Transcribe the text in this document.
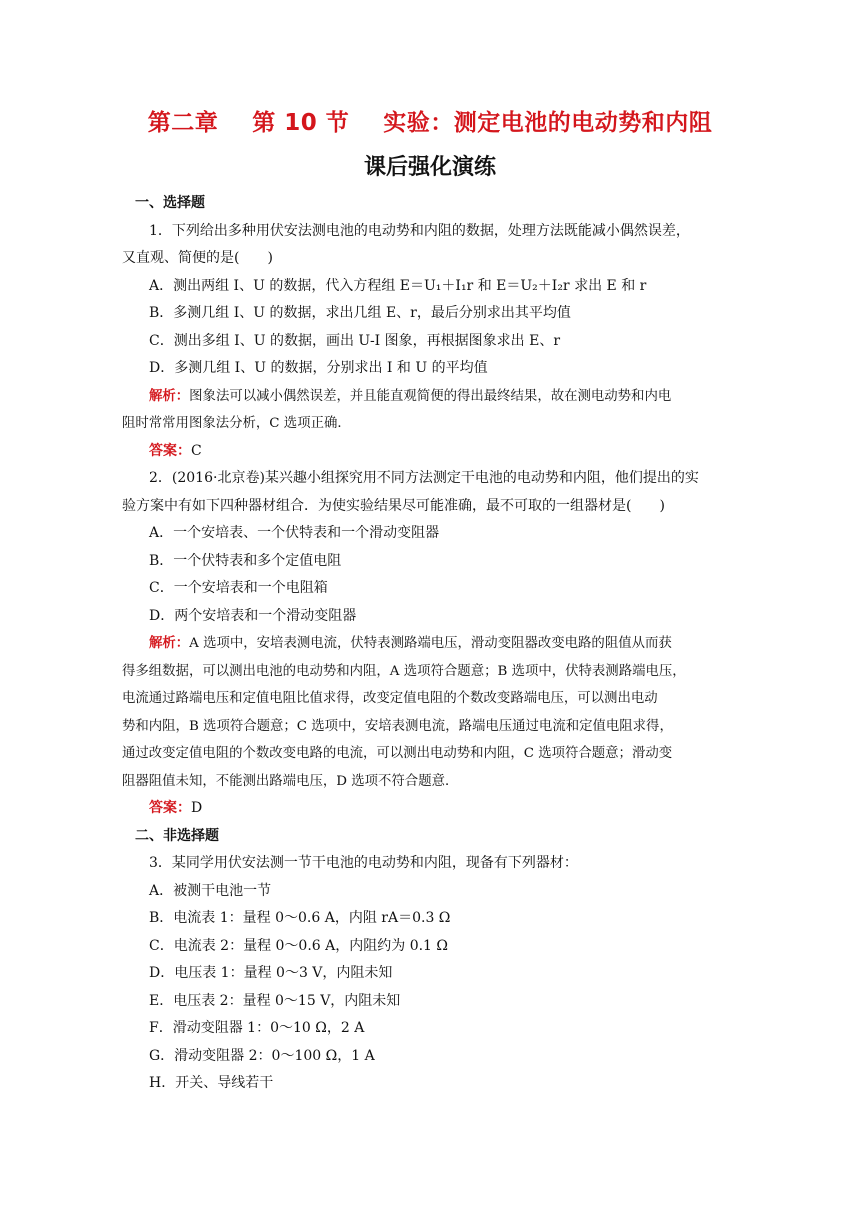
第二章    第 10 节    实验：测定电池的电动势和内阻
课后强化演练
一、选择题
1．下列给出多种用伏安法测电池的电动势和内阻的数据，处理方法既能减小偶然误差，
又直观、简便的是(　　)
A．测出两组 I、U 的数据，代入方程组 E＝U₁＋I₁r 和 E＝U₂＋I₂r 求出 E 和 r
B．多测几组 I、U 的数据，求出几组 E、r，最后分别求出其平均值
C．测出多组 I、U 的数据，画出 U-I 图象，再根据图象求出 E、r
D．多测几组 I、U 的数据，分别求出 I 和 U 的平均值
解析：图象法可以减小偶然误差，并且能直观简便的得出最终结果，故在测电动势和内电
阻时常常用图象法分析，C 选项正确．
答案：C
2．(2016·北京卷)某兴趣小组探究用不同方法测定干电池的电动势和内阻，他们提出的实
验方案中有如下四种器材组合．为使实验结果尽可能准确，最不可取的一组器材是(　　)
A．一个安培表、一个伏特表和一个滑动变阻器
B．一个伏特表和多个定值电阻
C．一个安培表和一个电阻箱
D．两个安培表和一个滑动变阻器
解析：A 选项中，安培表测电流，伏特表测路端电压，滑动变阻器改变电路的阻值从而获
得多组数据，可以测出电池的电动势和内阻，A 选项符合题意；B 选项中，伏特表测路端电压，
电流通过路端电压和定值电阻比值求得，改变定值电阻的个数改变路端电压，可以测出电动
势和内阻，B 选项符合题意；C 选项中，安培表测电流，路端电压通过电流和定值电阻求得，
通过改变定值电阻的个数改变电路的电流，可以测出电动势和内阻，C 选项符合题意；滑动变
阻器阻值未知，不能测出路端电压，D 选项不符合题意．
答案：D
二、非选择题
3．某同学用伏安法测一节干电池的电动势和内阻，现备有下列器材：
A．被测干电池一节
B．电流表 1：量程 0～0.6 A，内阻 rA＝0.3 Ω
C．电流表 2：量程 0～0.6 A，内阻约为 0.1 Ω
D．电压表 1：量程 0～3 V，内阻未知
E．电压表 2：量程 0～15 V，内阻未知
F．滑动变阻器 1：0～10 Ω，2 A
G．滑动变阻器 2：0～100 Ω，1 A
H．开关、导线若干
